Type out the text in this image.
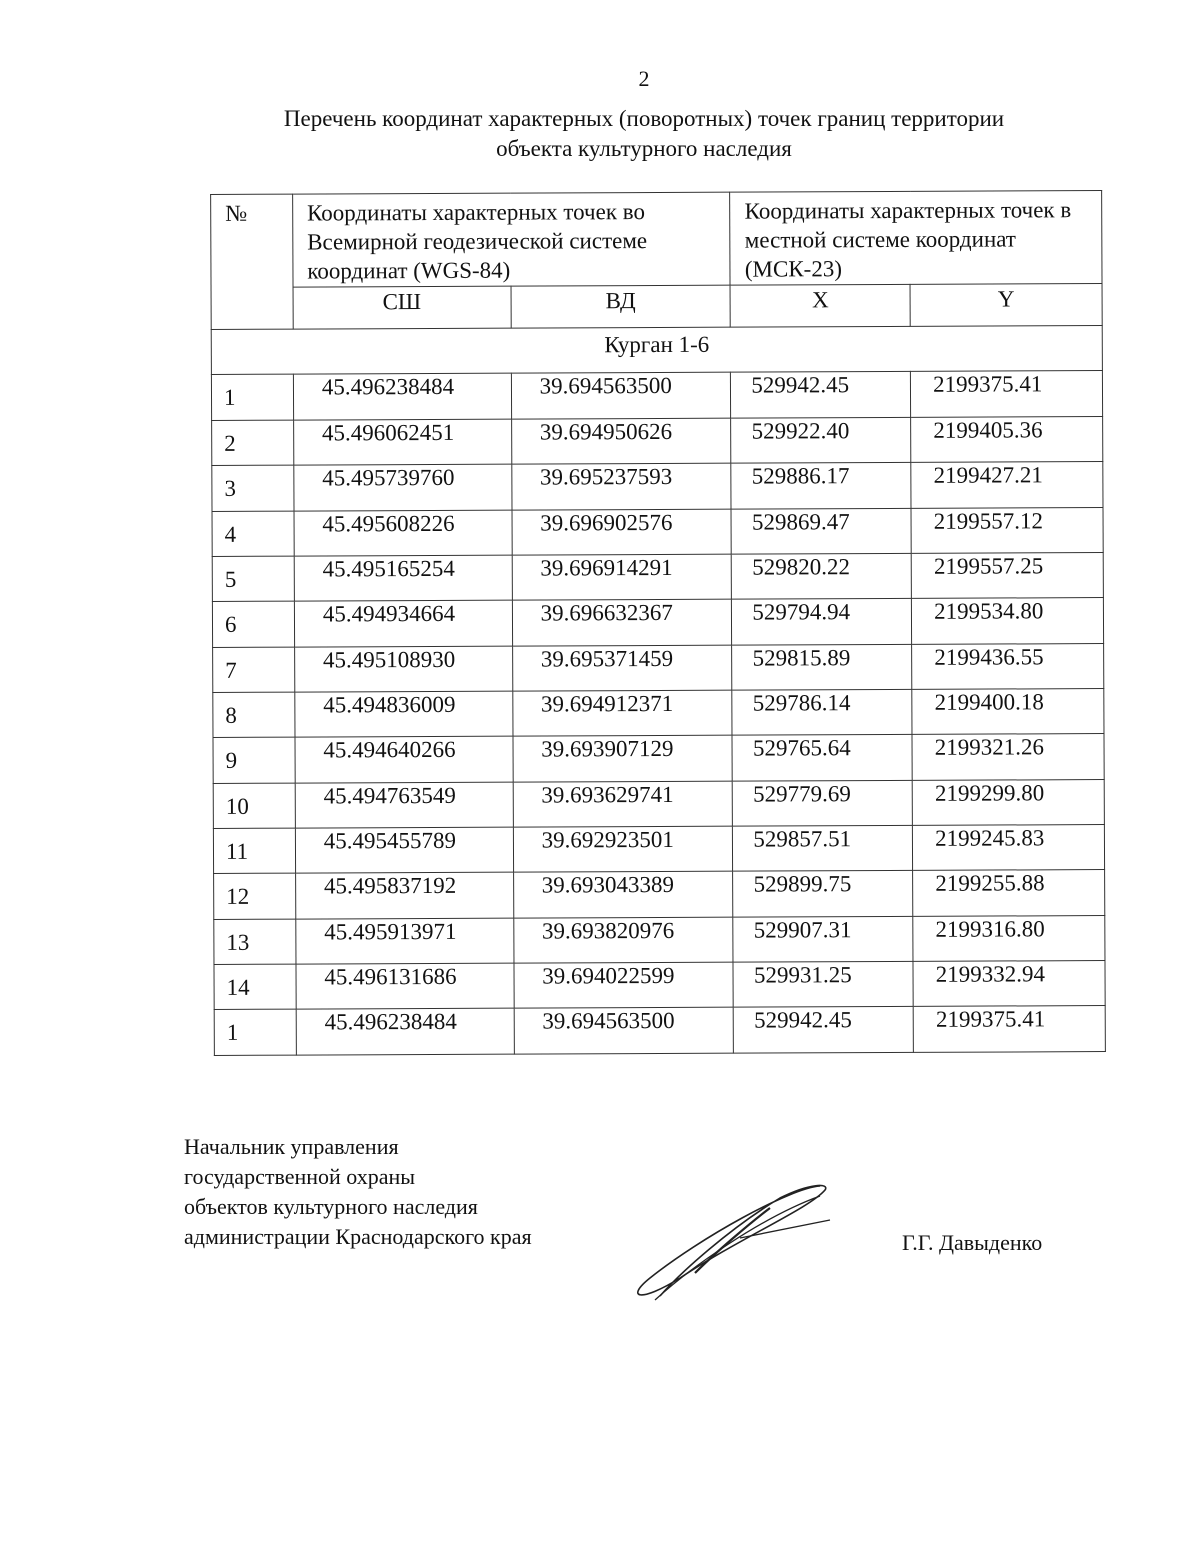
2
Перечень координат характерных (поворотных) точек границ территории
объекта культурного наследия
№	Координаты характерных точек во Всемирной геодезической системе координат (WGS-84)		Координаты характерных точек в местной системе координат (МСК-23)	
	СШ	ВД	X	Y
Курган 1-6				
1	45.496238484	39.694563500	529942.45	2199375.41
2	45.496062451	39.694950626	529922.40	2199405.36
3	45.495739760	39.695237593	529886.17	2199427.21
4	45.495608226	39.696902576	529869.47	2199557.12
5	45.495165254	39.696914291	529820.22	2199557.25
6	45.494934664	39.696632367	529794.94	2199534.80
7	45.495108930	39.695371459	529815.89	2199436.55
8	45.494836009	39.694912371	529786.14	2199400.18
9	45.494640266	39.693907129	529765.64	2199321.26
10	45.494763549	39.693629741	529779.69	2199299.80
11	45.495455789	39.692923501	529857.51	2199245.83
12	45.495837192	39.693043389	529899.75	2199255.88
13	45.495913971	39.693820976	529907.31	2199316.80
14	45.496131686	39.694022599	529931.25	2199332.94
1	45.496238484	39.694563500	529942.45	2199375.41
Начальник управления
государственной охраны
объектов культурного наследия
администрации Краснодарского края	Г.Г. Давыденко
